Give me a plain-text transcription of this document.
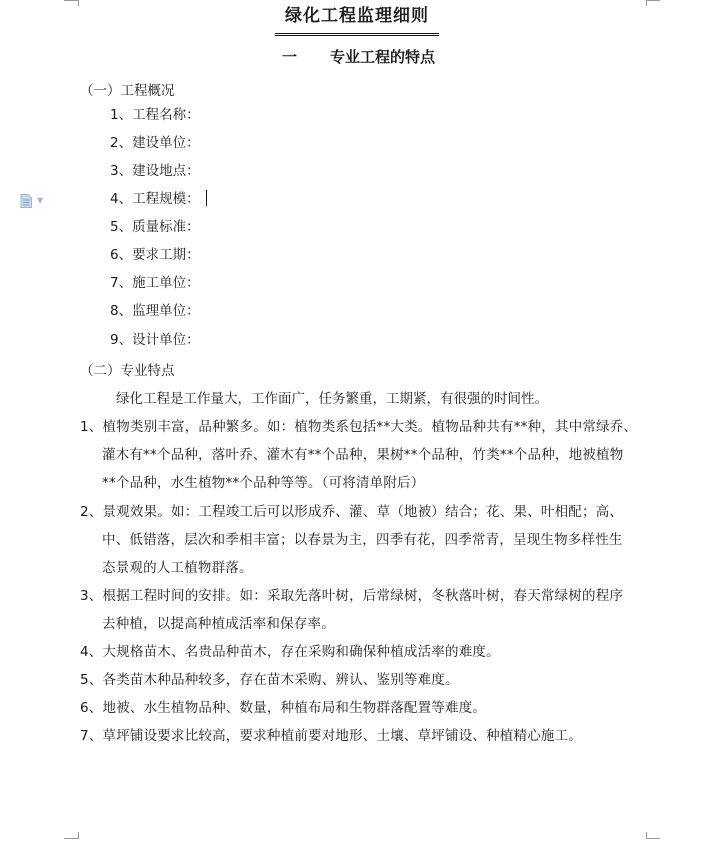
绿化工程监理细则
一 专业工程的特点
（一）工程概况
1、工程名称：
2、建设单位：
3、建设地点：
4、工程规模：
5、质量标准：
6、要求工期：
7、施工单位：
8、监理单位：
9、设计单位：
▼
（二）专业特点
绿化工程是工作量大，工作面广，任务繁重，工期紧，有很强的时间性。
1、植物类别丰富，品种繁多。如：植物类系包括**大类。植物品种共有**种，其中常绿乔、
灌木有**个品种，落叶乔、灌木有**个品种，果树**个品种，竹类**个品种，地被植物
**个品种，水生植物**个品种等等。（可将清单附后）
2、景观效果。如：工程竣工后可以形成乔、灌、草（地被）结合；花、果、叶相配；高、
中、低错落，层次和季相丰富；以春景为主，四季有花，四季常青，呈现生物多样性生
态景观的人工植物群落。
3、根据工程时间的安排。如：采取先落叶树，后常绿树，冬秋落叶树，春天常绿树的程序
去种植，以提高种植成活率和保存率。
4、大规格苗木、名贵品种苗木，存在采购和确保种植成活率的难度。
5、各类苗木种品种较多，存在苗木采购、辨认、鉴别等难度。
6、地被、水生植物品种、数量，种植布局和生物群落配置等难度。
7、草坪铺设要求比较高，要求种植前要对地形、土壤、草坪铺设、种植精心施工。
